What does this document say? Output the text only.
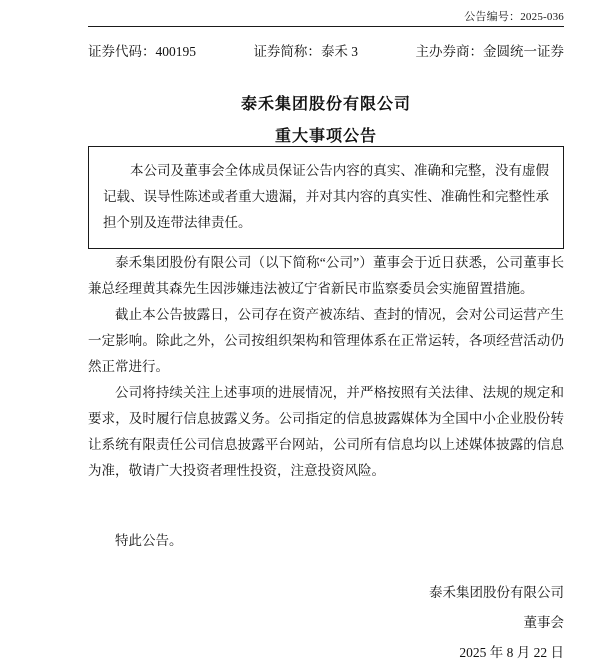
公告编号：2025-036
证券代码：400195	证券简称：泰禾 3	主办券商：金圆统一证券
泰禾集团股份有限公司
重大事项公告

本公司及董事会全体成员保证公告内容的真实、准确和完整，没有虚假记载、误导性陈述或者重大遗漏，并对其内容的真实性、准确性和完整性承担个别及连带法律责任。

泰禾集团股份有限公司（以下简称“公司”）董事会于近日获悉，公司董事长兼总经理黄其森先生因涉嫌违法被辽宁省新民市监察委员会实施留置措施。

截止本公告披露日，公司存在资产被冻结、查封的情况，会对公司运营产生一定影响。除此之外，公司按组织架构和管理体系在正常运转，各项经营活动仍然正常进行。

公司将持续关注上述事项的进展情况，并严格按照有关法律、法规的规定和要求，及时履行信息披露义务。公司指定的信息披露媒体为全国中小企业股份转让系统有限责任公司信息披露平台网站，公司所有信息均以上述媒体披露的信息为准，敬请广大投资者理性投资，注意投资风险。

特此公告。
泰禾集团股份有限公司
董事会
2025 年 8 月 22 日
